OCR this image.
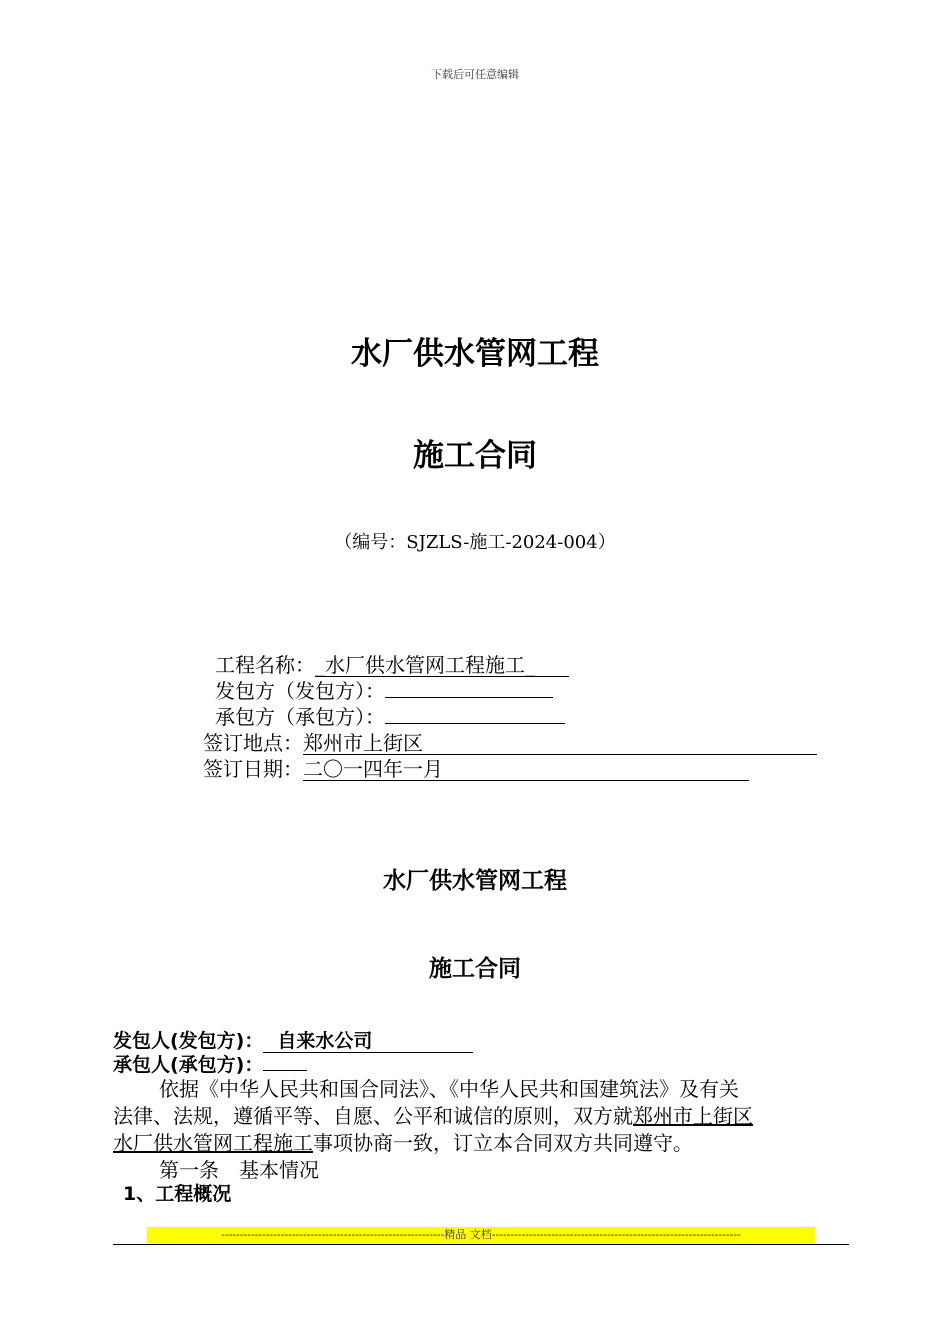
下载后可任意编辑
水厂供水管网工程
施工合同
（编号：SJZLS-施工-2024-004）
工程名称：_水厂供水管网工程施工_
发包方（发包方）：
承包方（承包方）：
签订地点：郑州市上街区
签订日期：二〇一四年一月
水厂供水管网工程
施工合同
发包人(发包方)： 自来水公司
承包人(承包方)：
依据《中华人民共和国合同法》、《中华人民共和国建筑法》及有关
法律、法规，遵循平等、自愿、公平和诚信的原则，双方就郑州市上街区
水厂供水管网工程施工事项协商一致，订立本合同双方共同遵守。
第一条　基本情况
1、工程概况
------------------------------------------------------------精品 文档-------------------------------------------------------------------
